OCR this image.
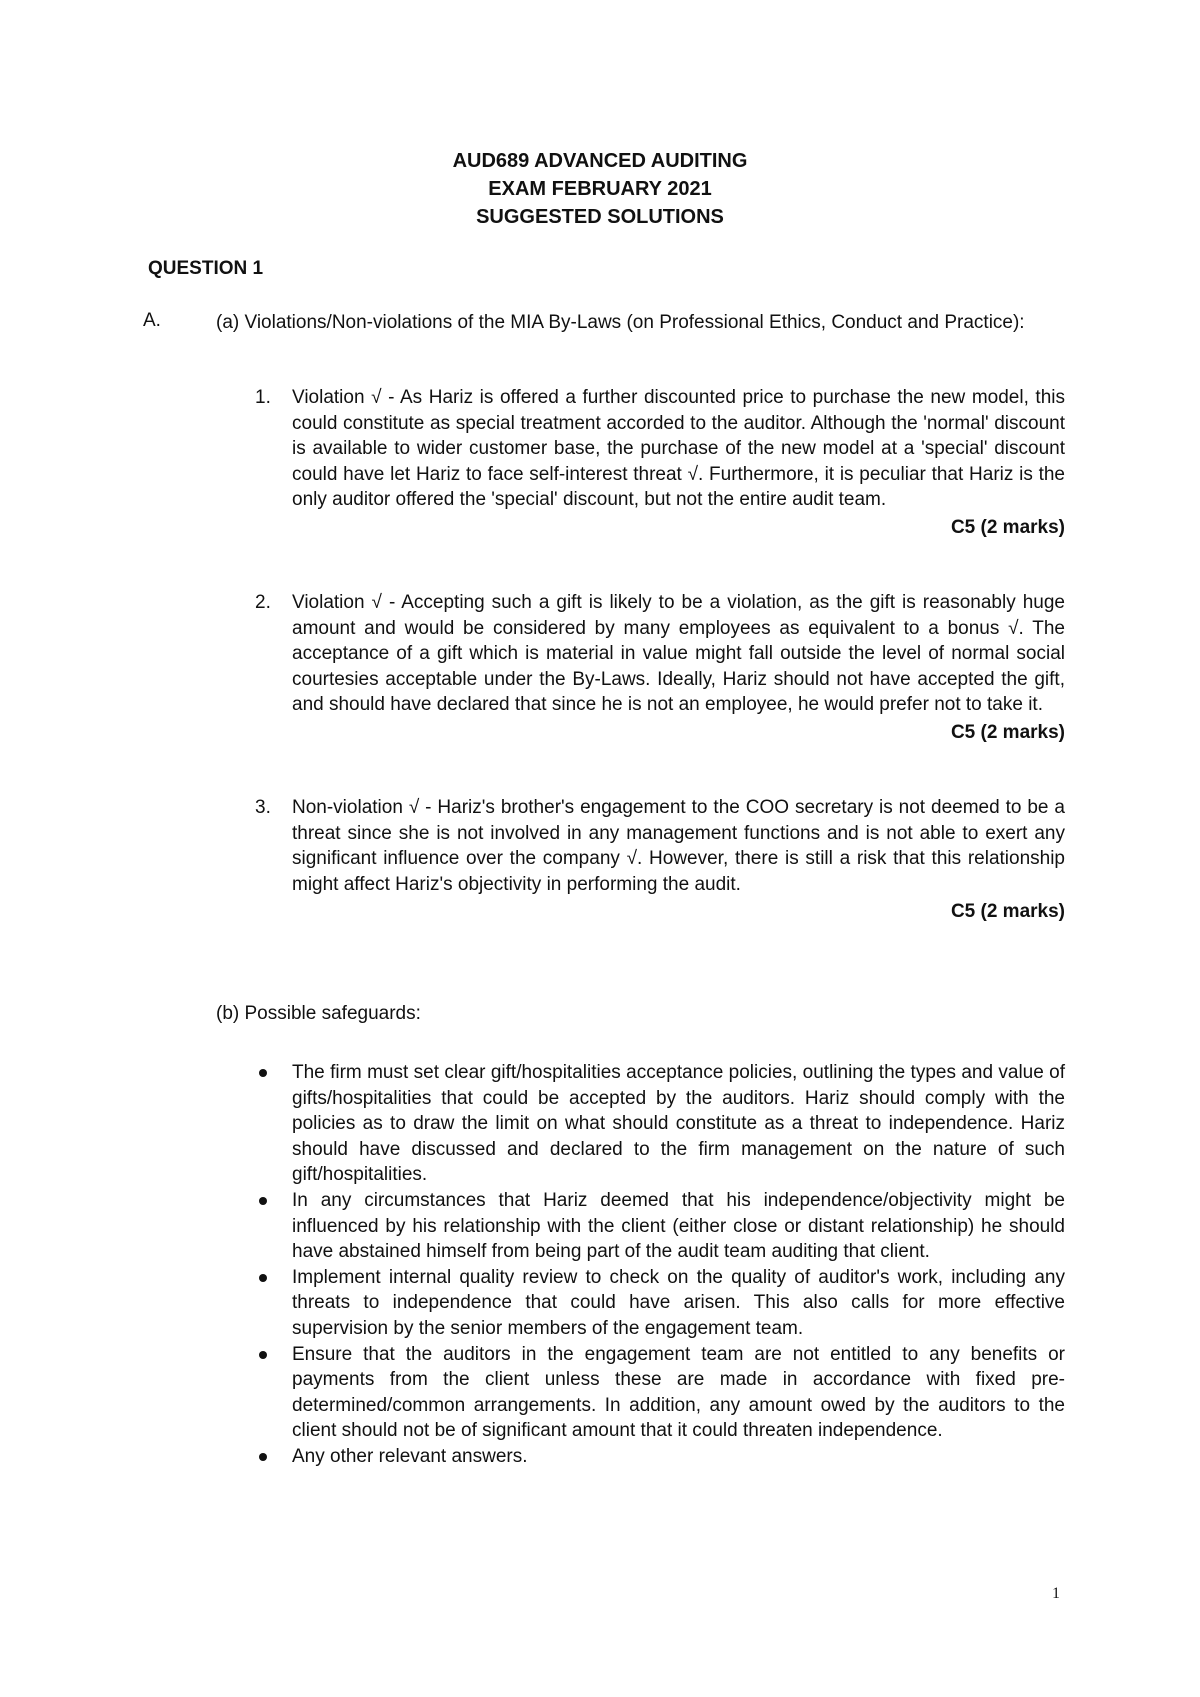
AUD689 ADVANCED AUDITING
EXAM FEBRUARY 2021
SUGGESTED SOLUTIONS
QUESTION 1
A.	(a) Violations/Non-violations of the MIA By-Laws (on Professional Ethics, Conduct and Practice):
1. Violation √ - As Hariz is offered a further discounted price to purchase the new model, this could constitute as special treatment accorded to the auditor. Although the 'normal' discount is available to wider customer base, the purchase of the new model at a 'special' discount could have let Hariz to face self-interest threat √. Furthermore, it is peculiar that Hariz is the only auditor offered the 'special' discount, but not the entire audit team.
C5 (2 marks)
2. Violation √ - Accepting such a gift is likely to be a violation, as the gift is reasonably huge amount and would be considered by many employees as equivalent to a bonus √. The acceptance of a gift which is material in value might fall outside the level of normal social courtesies acceptable under the By-Laws. Ideally, Hariz should not have accepted the gift, and should have declared that since he is not an employee, he would prefer not to take it.
C5 (2 marks)
3. Non-violation √ - Hariz's brother's engagement to the COO secretary is not deemed to be a threat since she is not involved in any management functions and is not able to exert any significant influence over the company √. However, there is still a risk that this relationship might affect Hariz's objectivity in performing the audit.
C5 (2 marks)
(b) Possible safeguards:
The firm must set clear gift/hospitalities acceptance policies, outlining the types and value of gifts/hospitalities that could be accepted by the auditors. Hariz should comply with the policies as to draw the limit on what should constitute as a threat to independence. Hariz should have discussed and declared to the firm management on the nature of such gift/hospitalities.
In any circumstances that Hariz deemed that his independence/objectivity might be influenced by his relationship with the client (either close or distant relationship) he should have abstained himself from being part of the audit team auditing that client.
Implement internal quality review to check on the quality of auditor's work, including any threats to independence that could have arisen. This also calls for more effective supervision by the senior members of the engagement team.
Ensure that the auditors in the engagement team are not entitled to any benefits or payments from the client unless these are made in accordance with fixed pre-determined/common arrangements. In addition, any amount owed by the auditors to the client should not be of significant amount that it could threaten independence.
Any other relevant answers.
1
